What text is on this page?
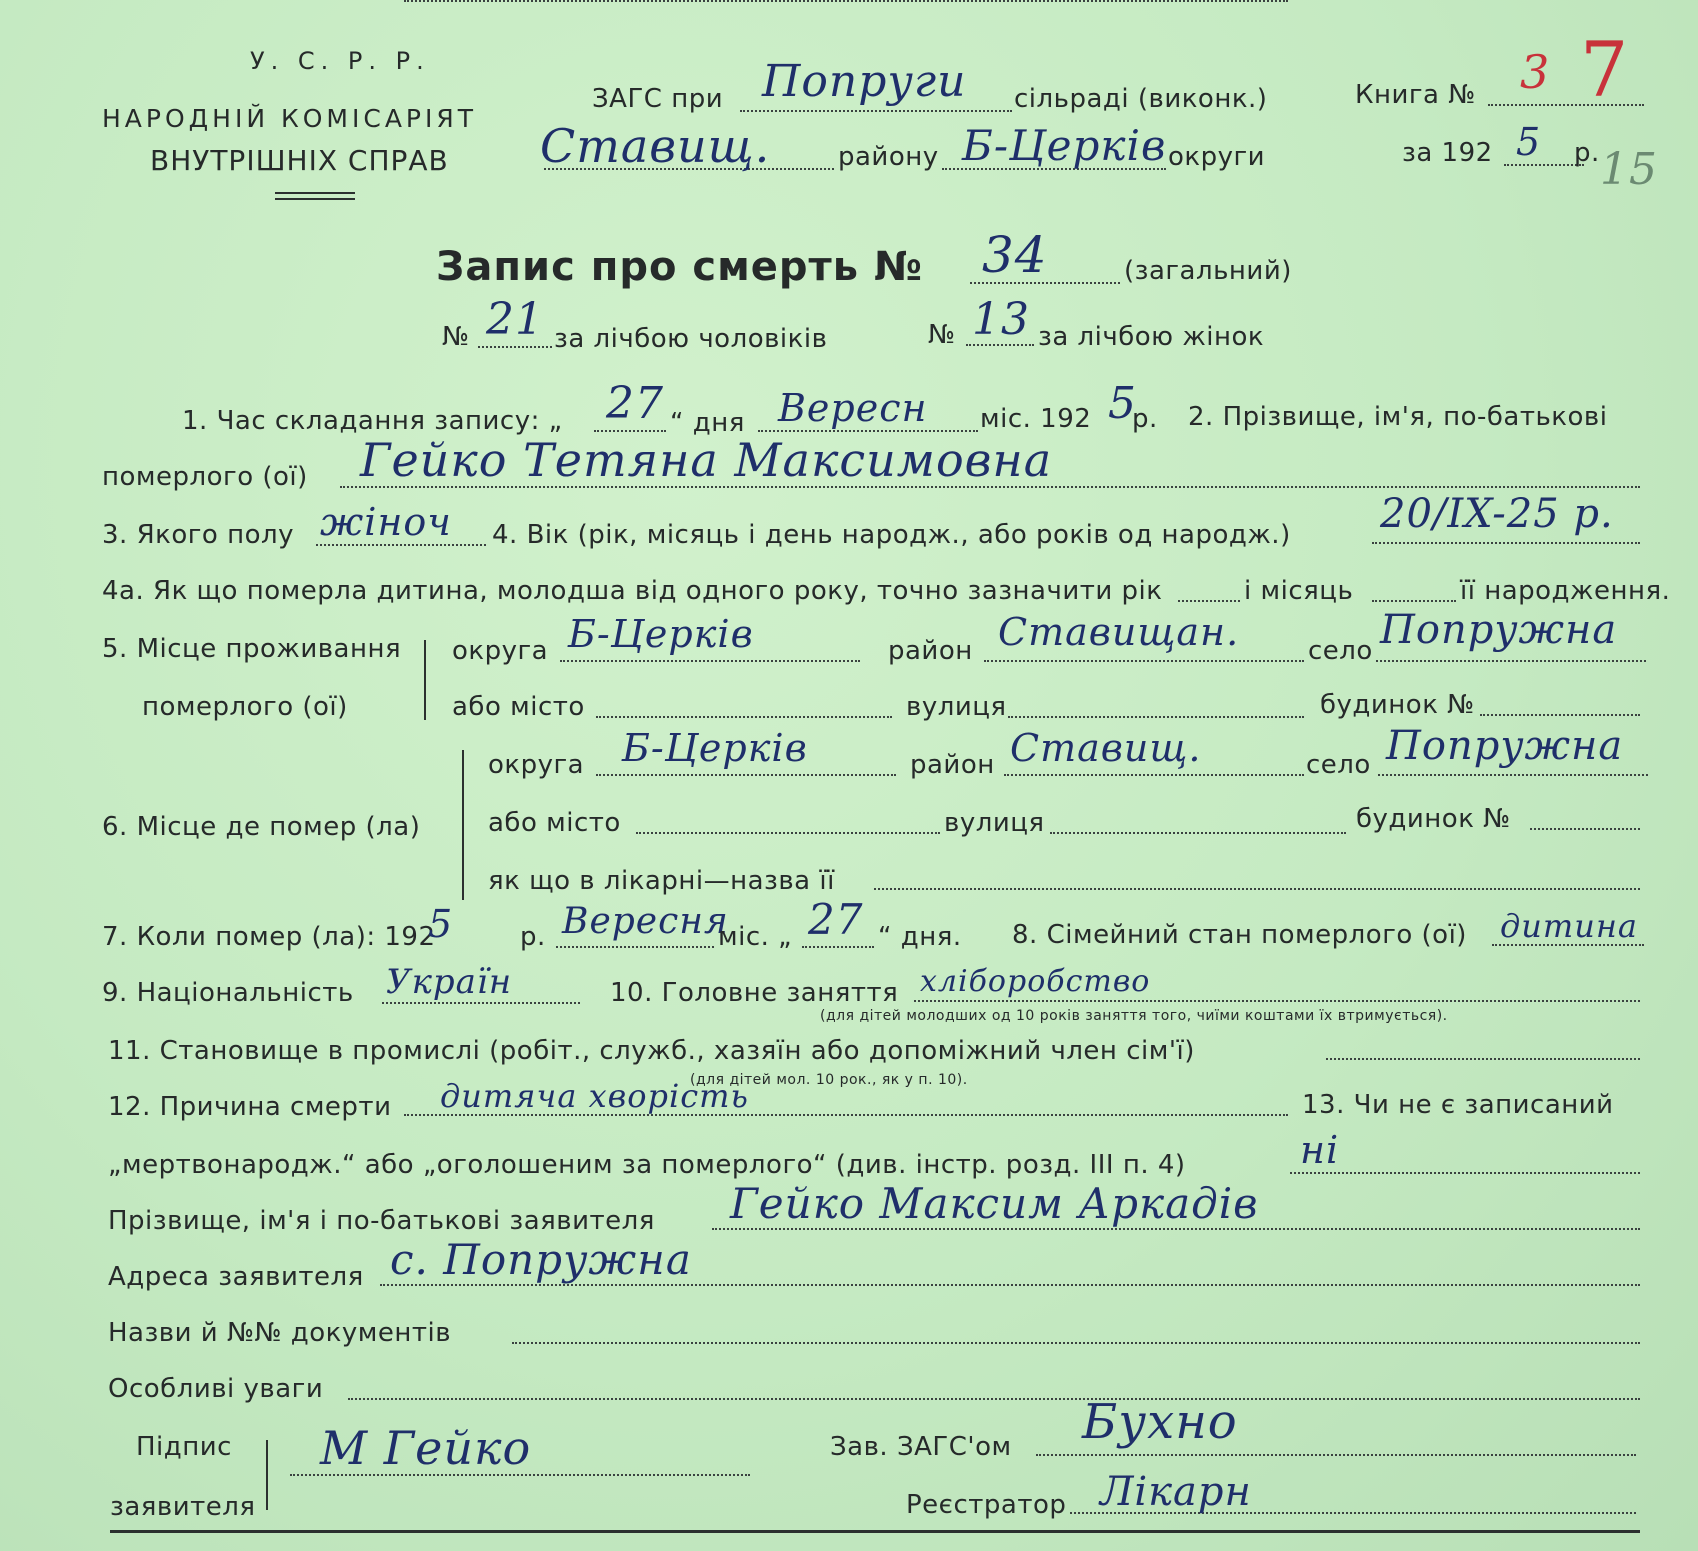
У. С. Р. Р.
НАРОДНІЙ КОМІСАРІЯТ
ВНУТРІШНІХ СПРАВ
ЗАГС при Попруги сільраді (виконк.)	Книга № 3 7
Ставищ.	району Б-Церків округи	за 192 5 р. 15
Запис про смерть № 34	(загальний)
№ 21 за лічбою чоловіків	№ 13 за лічбою жінок
1. Час складання запису: „ 27 “ дня Вересн міс. 192 5
р. 2. Прізвище, ім'я, по-батькові
померлого (ої) Гейко Тетяна Максимовна
3. Якого полу жіноч 4. Вік (рік, місяць і день народж., або років од народж.) 20/IX-25 р.
4а. Як що померла дитина, молодша від одного року, точно зазначити рік	і місяць	її народження.
5. Місце проживання
померлого (ої)
округа Б-Церків	район Ставищан.	село Попружна
або місто	вулиця	будинок №
6. Місце де помер (ла)
округа Б-Церків	район Ставищ.	село Попружна
або місто	вулиця	будинок №
як що в лікарні—назва її
7. Коли помер (ла): 192
5	р. Вересня
міс. „ 27 “ дня. 8. Сімейний стан померлого (ої) дитина
9. Національність Україн	10. Головне заняття хліборобство
(для дітей молодших од 10 років заняття того, чиїми коштами їх втримується).
11. Становище в промислі (робіт., служб., хазяїн або допоміжний член сім'ї)
(для дітей мол. 10 рок., як у п. 10).
12. Причина смерти дитяча хворість	13. Чи не є записаний
„мертвонародж.“ або „оголошеним за померлого“ (див. інстр. розд. III п. 4)	ні
Прізвище, ім'я і по-батькові заявителя Гейко Максим Аркадів
Адреса заявителя с. Попружна
Назви й №№ документів
Особливі уваги
Підпис
заявителя
М Гейко	Зав. ЗАГС'ом Бухно
Реєстратор Лікарн
